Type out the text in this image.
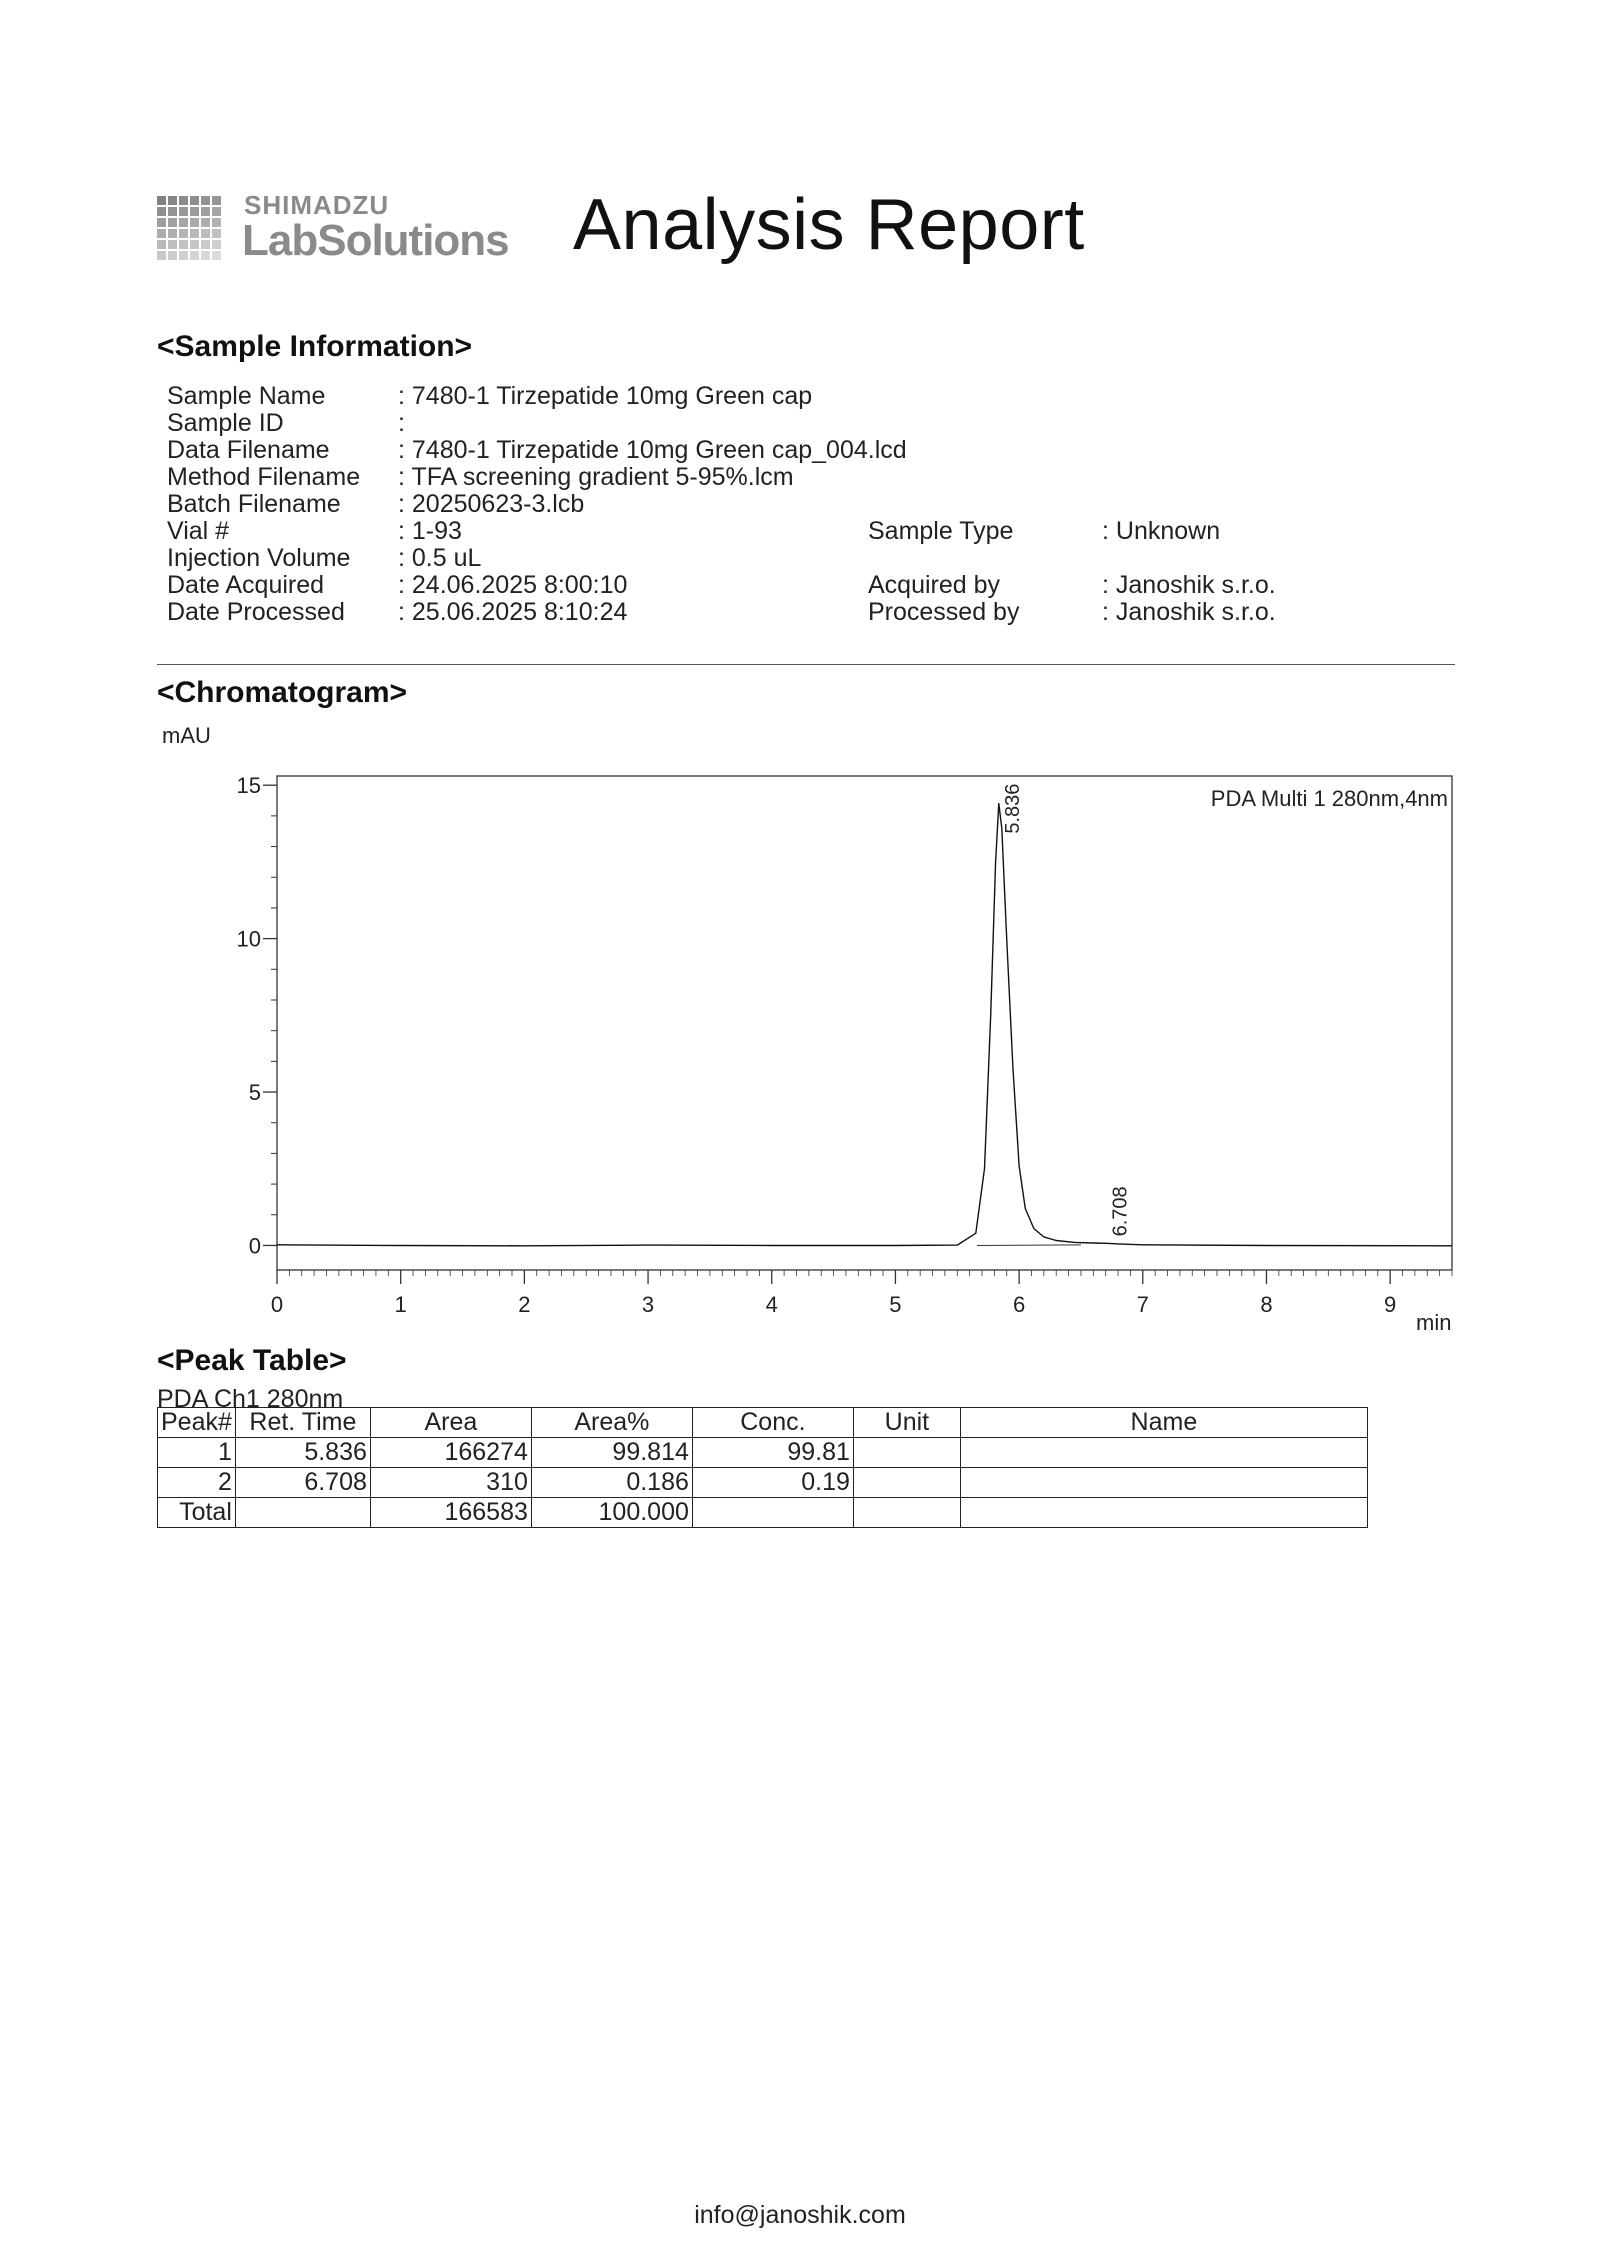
SHIMADZU
LabSolutions Analysis Report
<Sample Information>
Sample Name	: 7480-1 Tirzepatide 10mg Green cap
Sample ID	:
Data Filename	: 7480-1 Tirzepatide 10mg Green cap_004.lcd
Method Filename : TFA screening gradient 5-95%.lcm
Batch Filename : 20250623-3.lcb
Vial #	: 1-93	Sample Type	: Unknown
Injection Volume : 0.5 uL
Date Acquired	: 24.06.2025 8:00:10	Acquired by	: Janoshik s.r.o.
Date Processed : 25.06.2025 8:10:24	Processed by	: Janoshik s.r.o.
<Chromatogram>
mAU
min
0
5
10
15
0	1	2	3	4	5	6	7	8	9
PDA Multi 1 280nm,4nm
5.836
6.708
<Peak Table>
PDA Ch1 280nm
Peak#	Ret. Time	Area	Area%	Conc.	Unit	Name
1	5.836	166274	99.814	99.81		
2	6.708	310	0.186	0.19		
Total		166583	100.000			
info@janoshik.com
